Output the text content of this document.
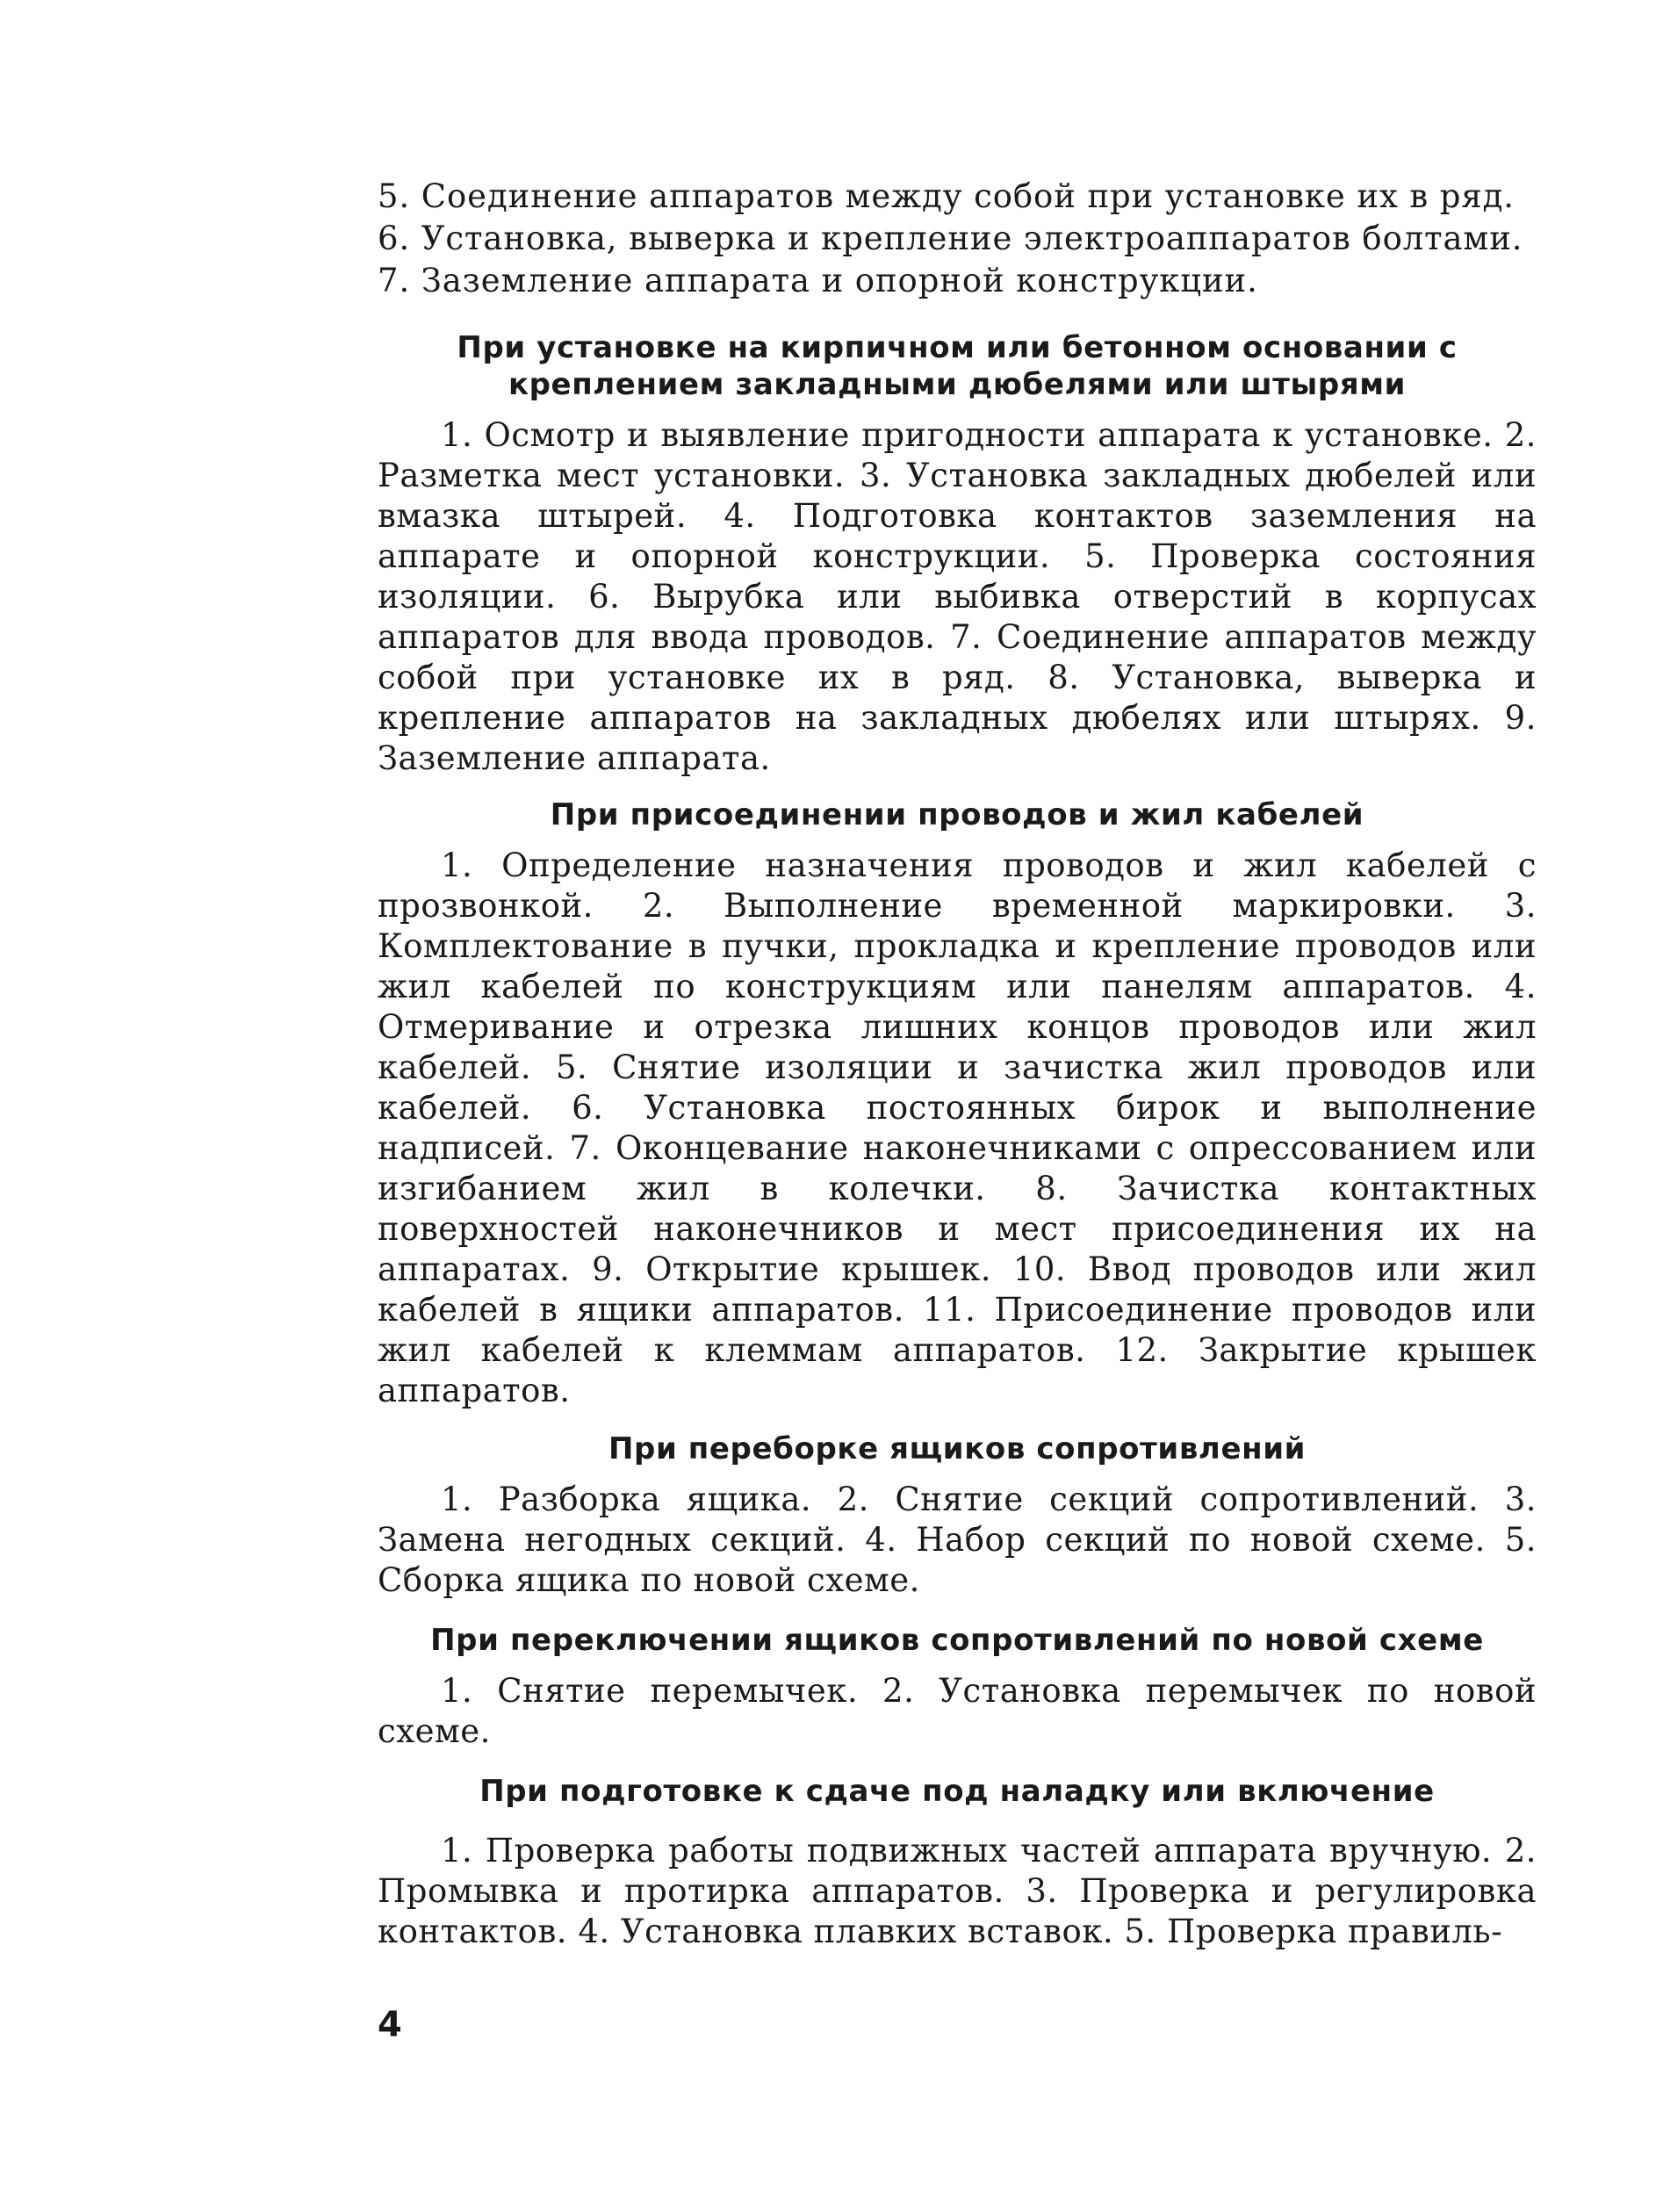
5. Соединение аппаратов между собой при установке их в ряд.

6. Установка, выверка и крепление электроаппаратов болтами.

7. Заземление аппарата и опорной конструкции.

При установке на кирпичном или бетонном основании с креплением закладными дюбелями или штырями

1. Осмотр и выявление пригодности аппарата к установке. 2. Разметка мест установки. 3. Установка закладных дюбелей или вмазка штырей. 4. Подготовка контактов заземления на аппарате и опорной конструкции. 5. Проверка состояния изоляции. 6. Вырубка или выбивка отверстий в корпусах аппаратов для ввода проводов. 7. Соединение аппаратов между собой при установке их в ряд. 8. Установка, выверка и крепление аппаратов на закладных дюбелях или штырях. 9. Заземление аппарата.

При присоединении проводов и жил кабелей

1. Определение назначения проводов и жил кабелей с прозвонкой. 2. Выполнение временной маркировки. 3. Комплектование в пучки, прокладка и крепление проводов или жил кабелей по конструкциям или панелям аппаратов. 4. Отмеривание и отрезка лишних концов проводов или жил кабелей. 5. Снятие изоляции и зачистка жил проводов или кабелей. 6. Установка постоянных бирок и выполнение надписей. 7. Оконцевание наконечниками с опрессованием или изгибанием жил в колечки. 8. Зачистка контактных поверхностей наконечников и мест присоединения их на аппаратах. 9. Открытие крышек. 10. Ввод проводов или жил кабелей в ящики аппаратов. 11. Присоединение проводов или жил кабелей к клеммам аппаратов. 12. Закрытие крышек аппаратов.

При переборке ящиков сопротивлений

1. Разборка ящика. 2. Снятие секций сопротивлений. 3. Замена негодных секций. 4. Набор секций по новой схеме. 5. Сборка ящика по новой схеме.

При переключении ящиков сопротивлений по новой схеме

1. Снятие перемычек. 2. Установка перемычек по новой схеме.

При подготовке к сдаче под наладку или включение

1. Проверка работы подвижных частей аппарата вручную. 2. Промывка и протирка аппаратов. 3. Проверка и регулировка контактов. 4. Установка плавких вставок. 5. Проверка правиль-

4
